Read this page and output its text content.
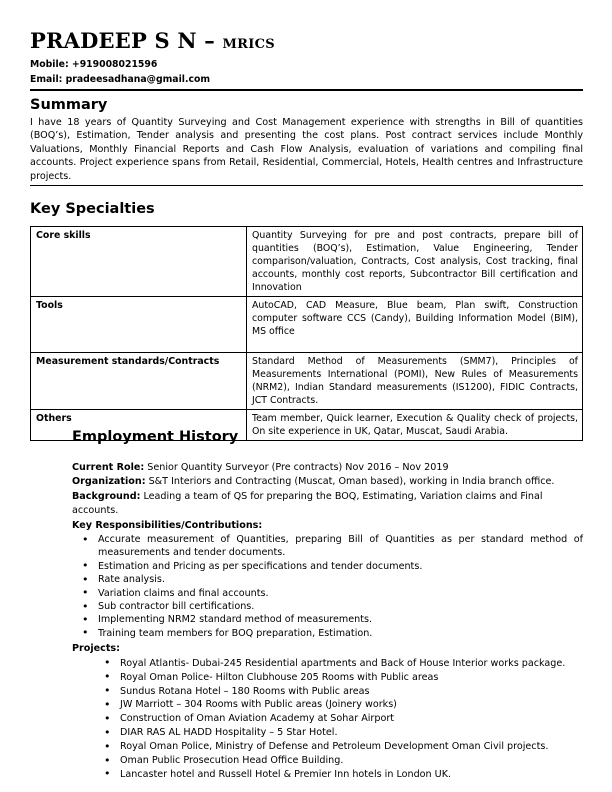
PRADEEP S N – MRICS
Mobile: +919008021596
Email: pradeesadhana@gmail.com
Summary
I have 18 years of Quantity Surveying and Cost Management experience with strengths in Bill of quantities (BOQ’s), Estimation, Tender analysis and presenting the cost plans. Post contract services include Monthly Valuations, Monthly Financial Reports and Cash Flow Analysis, evaluation of variations and compiling final accounts. Project experience spans from Retail, Residential, Commercial, Hotels, Health centres and Infrastructure projects.
Key Specialties
Core skills	Quantity Surveying for pre and post contracts, prepare bill of quantities (BOQ’s), Estimation, Value Engineering, Tender comparison/valuation, Contracts, Cost analysis, Cost tracking, final accounts, monthly cost reports, Subcontractor Bill certification and Innovation
Tools	AutoCAD, CAD Measure, Blue beam, Plan swift, Construction computer software CCS (Candy), Building Information Model (BIM), MS office
Measurement standards/Contracts	Standard Method of Measurements (SMM7), Principles of Measurements International (POMI), New Rules of Measurements (NRM2), Indian Standard measurements (IS1200), FIDIC Contracts, JCT Contracts.
Others	Team member, Quick learner, Execution & Quality check of projects, On site experience in UK, Qatar, Muscat, Saudi Arabia.
Employment History

Current Role: Senior Quantity Surveyor (Pre contracts) Nov 2016 – Nov 2019

Organization: S&T Interiors and Contracting (Muscat, Oman based), working in India branch office.

Background: Leading a team of QS for preparing the BOQ, Estimating, Variation claims and Final accounts.

Key Responsibilities/Contributions:

• Accurate measurement of Quantities, preparing Bill of Quantities as per standard method of measurements and tender documents.
• Estimation and Pricing as per specifications and tender documents.
• Rate analysis.
• Variation claims and final accounts.
• Sub contractor bill certifications.
• Implementing NRM2 standard method of measurements.
• Training team members for BOQ preparation, Estimation.

Projects:

• Royal Atlantis- Dubai-245 Residential apartments and Back of House Interior works package.
• Royal Oman Police- Hilton Clubhouse 205 Rooms with Public areas
• Sundus Rotana Hotel – 180 Rooms with Public areas
• JW Marriott – 304 Rooms with Public areas (Joinery works)
• Construction of Oman Aviation Academy at Sohar Airport
• DIAR RAS AL HADD Hospitality – 5 Star Hotel.
• Royal Oman Police, Ministry of Defense and Petroleum Development Oman Civil projects.
• Oman Public Prosecution Head Office Building.
• Lancaster hotel and Russell Hotel & Premier Inn hotels in London UK.
